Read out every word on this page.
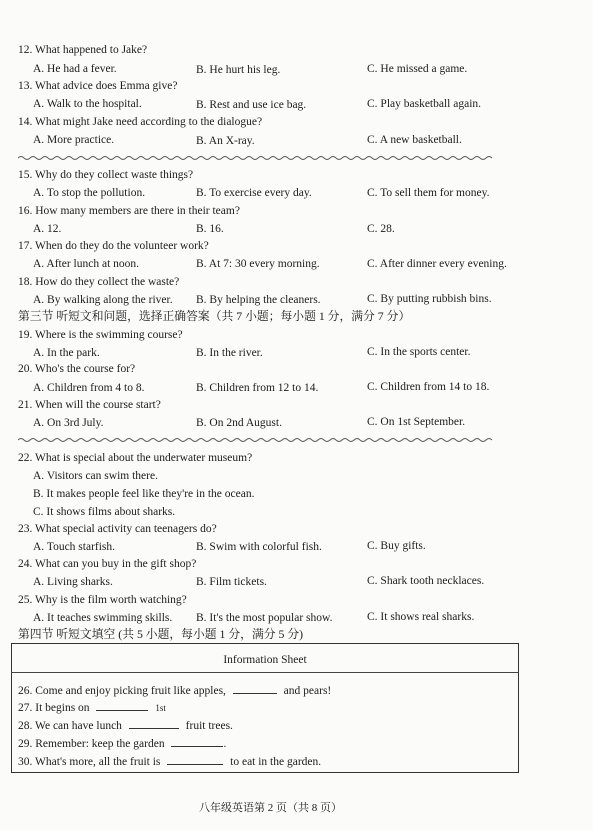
12. What happened to Jake?
A. He had a fever.	B. He hurt his leg.	C. He missed a game.
13. What advice does Emma give?
A. Walk to the hospital.	B. Rest and use ice bag.	C. Play basketball again.
14. What might Jake need according to the dialogue?
A. More practice.	B. An X-ray.	C. A new basketball.
15. Why do they collect waste things?
A. To stop the pollution.	B. To exercise every day.	C. To sell them for money.
16. How many members are there in their team?
A. 12.	B. 16.	C. 28.
17. When do they do the volunteer work?
A. After lunch at noon.	B. At 7: 30 every morning.	C. After dinner every evening.
18. How do they collect the waste?
A. By walking along the river. B. By helping the cleaners.	C. By putting rubbish bins.
第三节 听短文和问题，选择正确答案（共 7 小题；每小题 1 分，满分 7 分）
19. Where is the swimming course?
A. In the park.	B. In the river.	C. In the sports center.
20. Who's the course for?
A. Children from 4 to 8.	B. Children from 12 to 14.	C. Children from 14 to 18.
21. When will the course start?
A. On 3rd July.	B. On 2nd August.	C. On 1st September.
22. What is special about the underwater museum?
A. Visitors can swim there.
B. It makes people feel like they're in the ocean.
C. It shows films about sharks.
23. What special activity can teenagers do?
A. Touch starfish.	B. Swim with colorful fish.	C. Buy gifts.
24. What can you buy in the gift shop?
A. Living sharks.	B. Film tickets.	C. Shark tooth necklaces.
25. Why is the film worth watching?
A. It teaches swimming skills. B. It's the most popular show.	C. It shows real sharks.
第四节 听短文填空 (共 5 小题，每小题 1 分，满分 5 分)
Information Sheet
26. Come and enjoy picking fruit like apples,	and pears!
27. It begins on	1st
28. We can have lunch	fruit trees.
29. Remember: keep the garden	.
30. What's more, all the fruit is	to eat in the garden.
八年级英语第 2 页（共 8 页）
